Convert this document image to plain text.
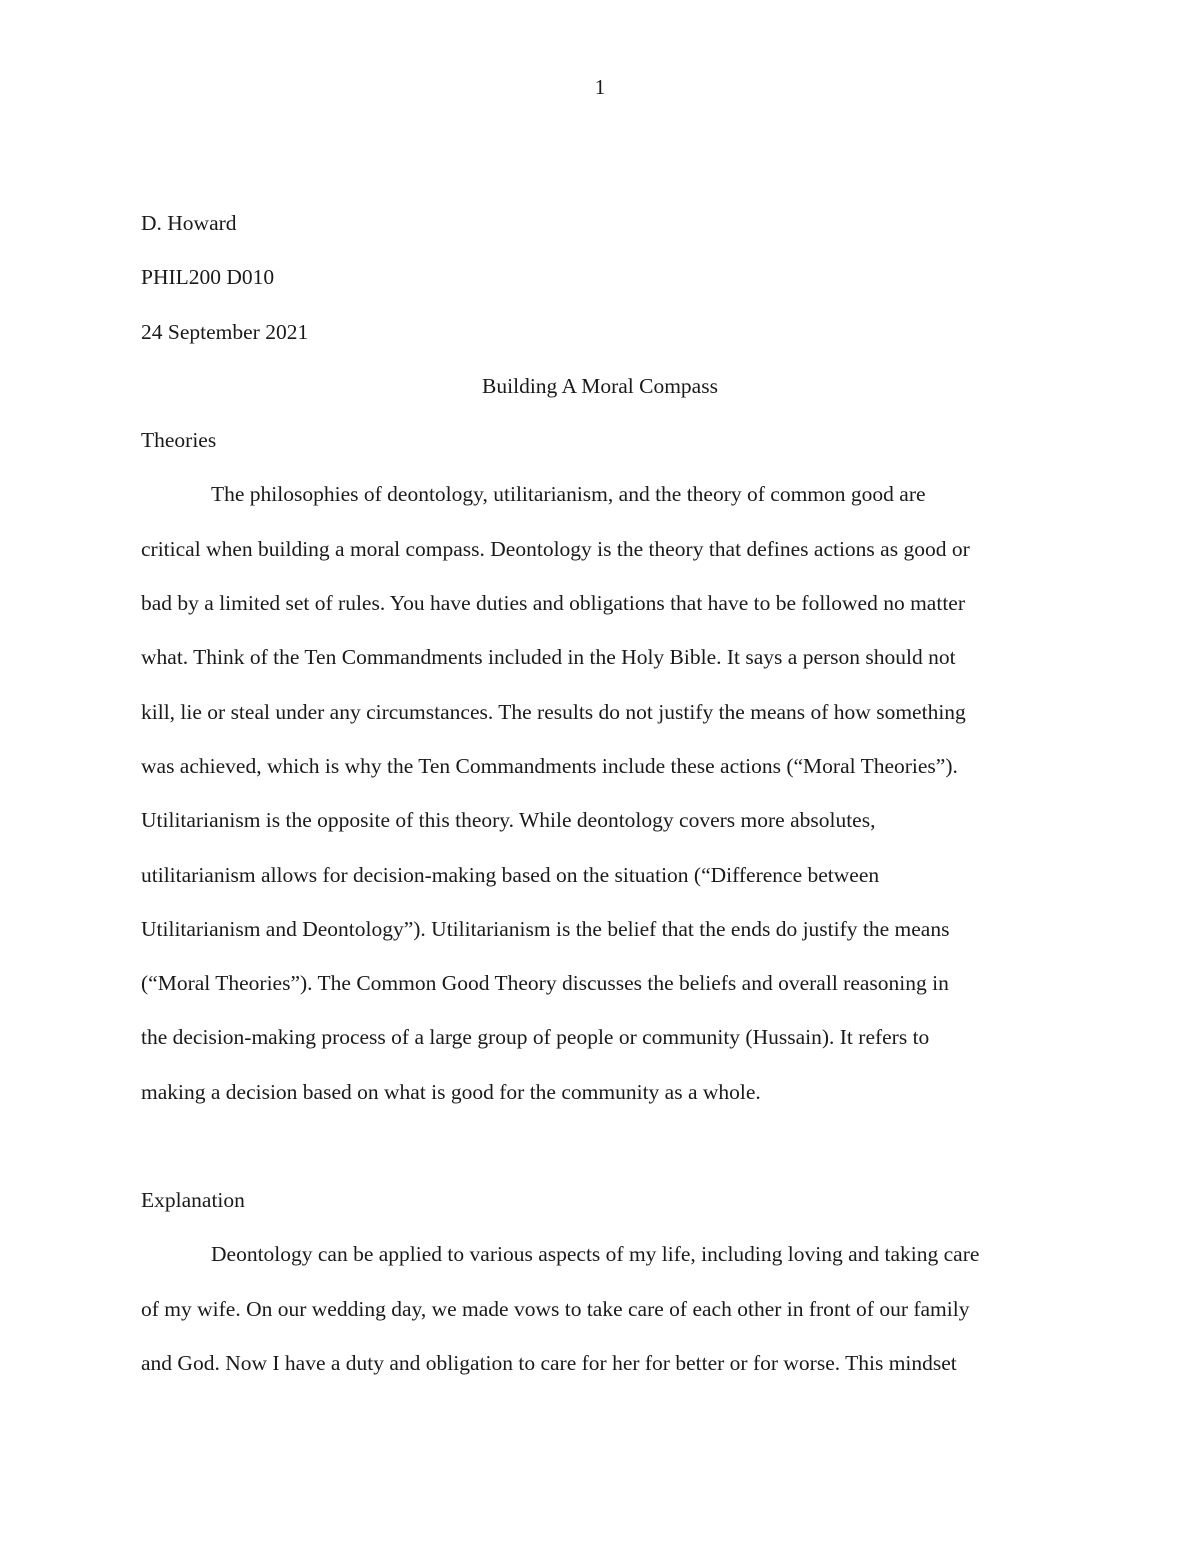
1
D. Howard
PHIL200 D010
24 September 2021
Building A Moral Compass
Theories
The philosophies of deontology, utilitarianism, and the theory of common good are
critical when building a moral compass. Deontology is the theory that defines actions as good or
bad by a limited set of rules. You have duties and obligations that have to be followed no matter
what. Think of the Ten Commandments included in the Holy Bible. It says a person should not
kill, lie or steal under any circumstances. The results do not justify the means of how something
was achieved, which is why the Ten Commandments include these actions (“Moral Theories”).
Utilitarianism is the opposite of this theory. While deontology covers more absolutes,
utilitarianism allows for decision-making based on the situation (“Difference between
Utilitarianism and Deontology”). Utilitarianism is the belief that the ends do justify the means
(“Moral Theories”). The Common Good Theory discusses the beliefs and overall reasoning in
the decision-making process of a large group of people or community (Hussain). It refers to
making a decision based on what is good for the community as a whole.
Explanation
Deontology can be applied to various aspects of my life, including loving and taking care
of my wife. On our wedding day, we made vows to take care of each other in front of our family
and God. Now I have a duty and obligation to care for her for better or for worse. This mindset
